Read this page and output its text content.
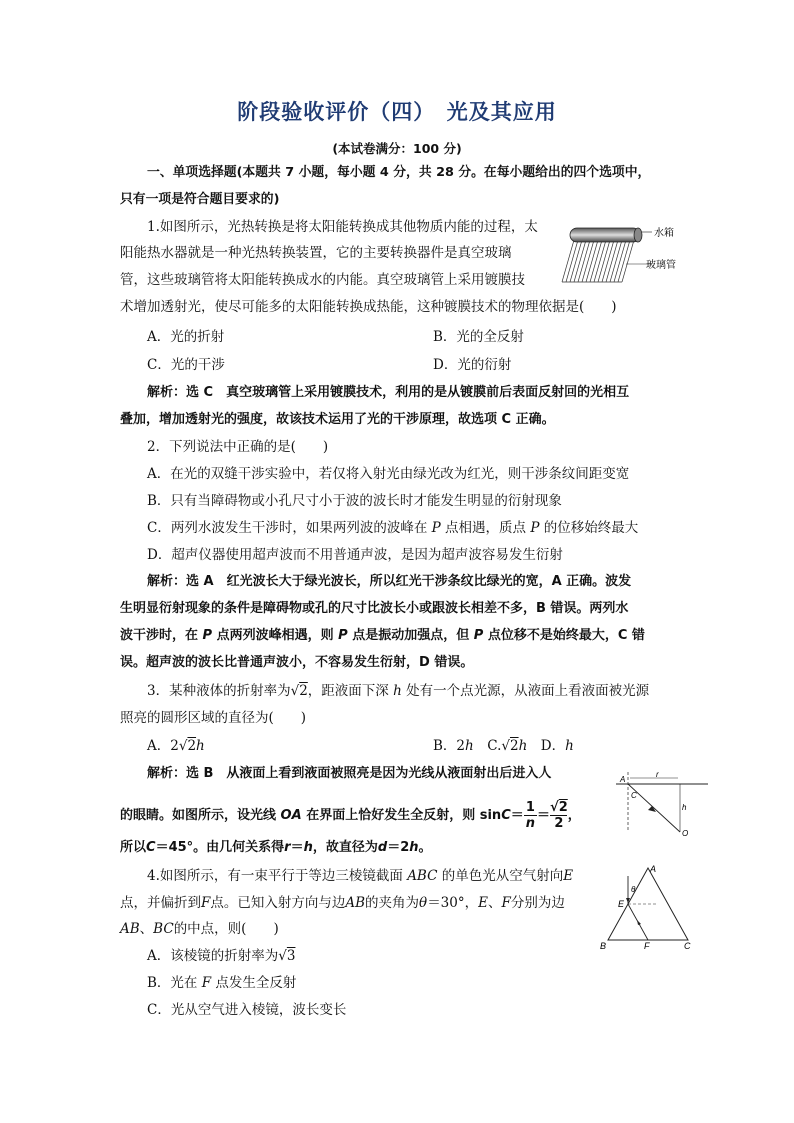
阶段验收评价（四）　光及其应用
(本试卷满分：100 分)
一、单项选择题(本题共 7 小题，每小题 4 分，共 28 分。在每小题给出的四个选项中，
只有一项是符合题目要求的)
1.如图所示，光热转换是将太阳能转换成其他物质内能的过程，太
阳能热水器就是一种光热转换装置，它的主要转换器件是真空玻璃
管，这些玻璃管将太阳能转换成水的内能。真空玻璃管上采用镀膜技
术增加透射光，使尽可能多的太阳能转换成热能，这种镀膜技术的物理依据是(　　)
A．光的折射	B．光的全反射
C．光的干涉	D．光的衍射
水箱
玻璃管
解析：选 C　真空玻璃管上采用镀膜技术，利用的是从镀膜前后表面反射回的光相互
叠加，增加透射光的强度，故该技术运用了光的干涉原理，故选项 C 正确。
2．下列说法中正确的是(　　)
A．在光的双缝干涉实验中，若仅将入射光由绿光改为红光，则干涉条纹间距变宽
B．只有当障碍物或小孔尺寸小于波的波长时才能发生明显的衍射现象
C．两列水波发生干涉时，如果两列波的波峰在 P 点相遇，质点 P 的位移始终最大
D．超声仪器使用超声波而不用普通声波，是因为超声波容易发生衍射
解析：选 A　红光波长大于绿光波长，所以红光干涉条纹比绿光的宽，A 正确。波发
生明显衍射现象的条件是障碍物或孔的尺寸比波长小或跟波长相差不多，B 错误。两列水
波干涉时，在 P 点两列波峰相遇，则 P 点是振动加强点，但 P 点位移不是始终最大，C 错
误。超声波的波长比普通声波小，不容易发生衍射，D 错误。
3．某种液体的折射率为√2，距液面下深 h 处有一个点光源，从液面上看液面被光源
照亮的圆形区域的直径为(　　)
A．2√2h	B．2h　 C.√2h　 D．h
解析：选 B　从液面上看到液面被照亮是因为光线从液面射出后进入人
的眼睛。如图所示，设光线 OA 在界面上恰好发生全反射，则 $\sin C=\frac{1}{n}=√2$
2，
所以C＝45°。由几何关系得r＝h，故直径为d＝2h。
A
r
C
h
O
4.如图所示，有一束平行于等边三棱镜截面 ABC 的单色光从空气射向E
点，并偏折到F点。已知入射方向与边AB的夹角为θ＝30°，E、F分别为边
AB、BC的中点，则(　　)
A．该棱镜的折射率为√3
B．光在 F 点发生全反射
C．光从空气进入棱镜，波长变长
A
θ
E
B	F	C
